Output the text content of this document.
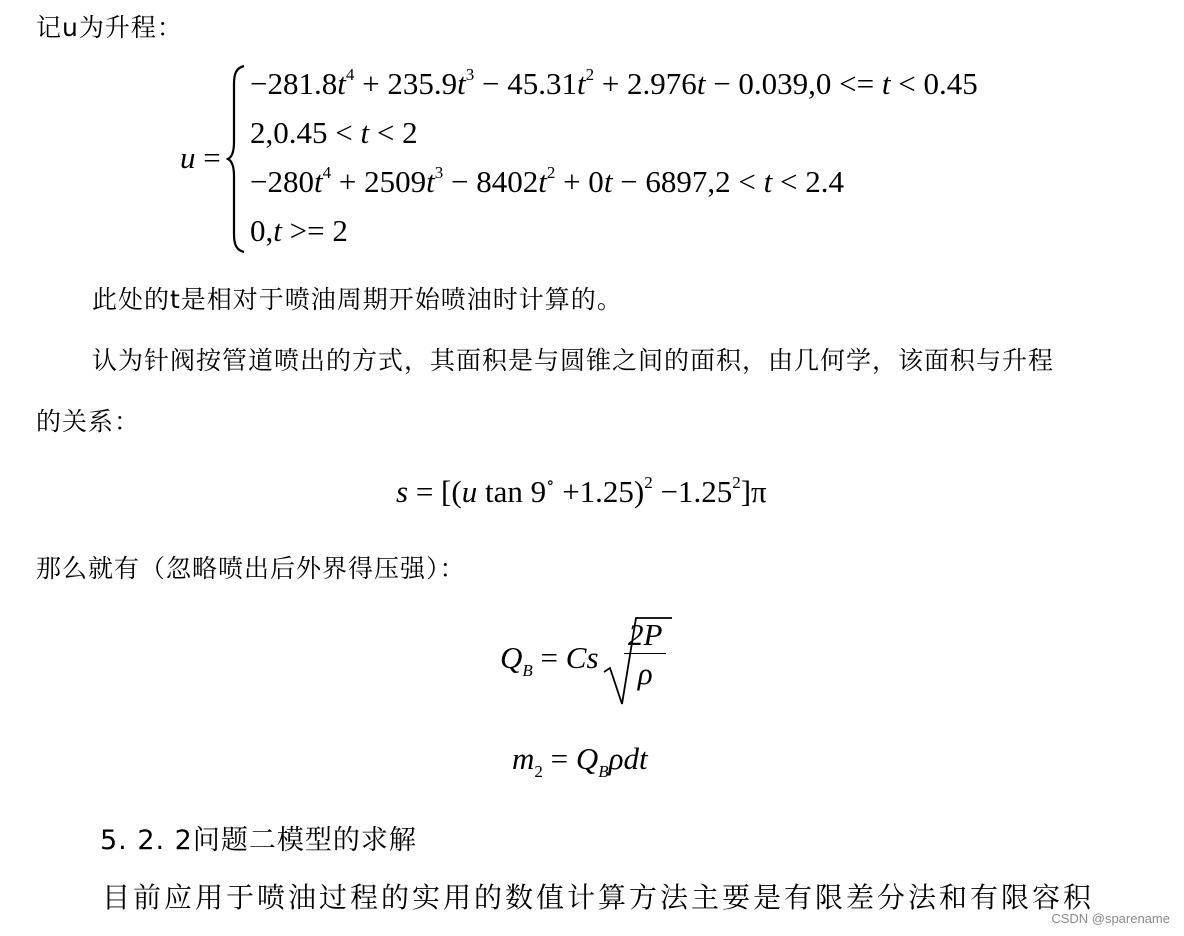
记u为升程：
u =
$-281.8t^4 + 235.9t^3 - 45.31t^2 + 2.976t - 0.039,0 <= t < 0.45$
2,0.45 < t < 2
$-280t^4 + 2509t^3 - 8402t^2 + 0t - 6897,2 < t < 2.4$
0,t >= 2
此处的t是相对于喷油周期开始喷油时计算的。
认为针阀按管道喷出的方式，其面积是与圆锥之间的面积，由几何学，该面积与升程
的关系：
s = [(u $\tan 9^\circ +1.25)^2 -1.25^2]\pi$
那么就有（忽略喷出后外界得压强）：
$Q_B = Cs \frac{2P}{\rho}$
$m_2 = Q_B\rho dt$
5. 2. 2问题二模型的求解
目前应用于喷油过程的实用的数值计算方法主要是有限差分法和有限容积
CSDN @sparename
